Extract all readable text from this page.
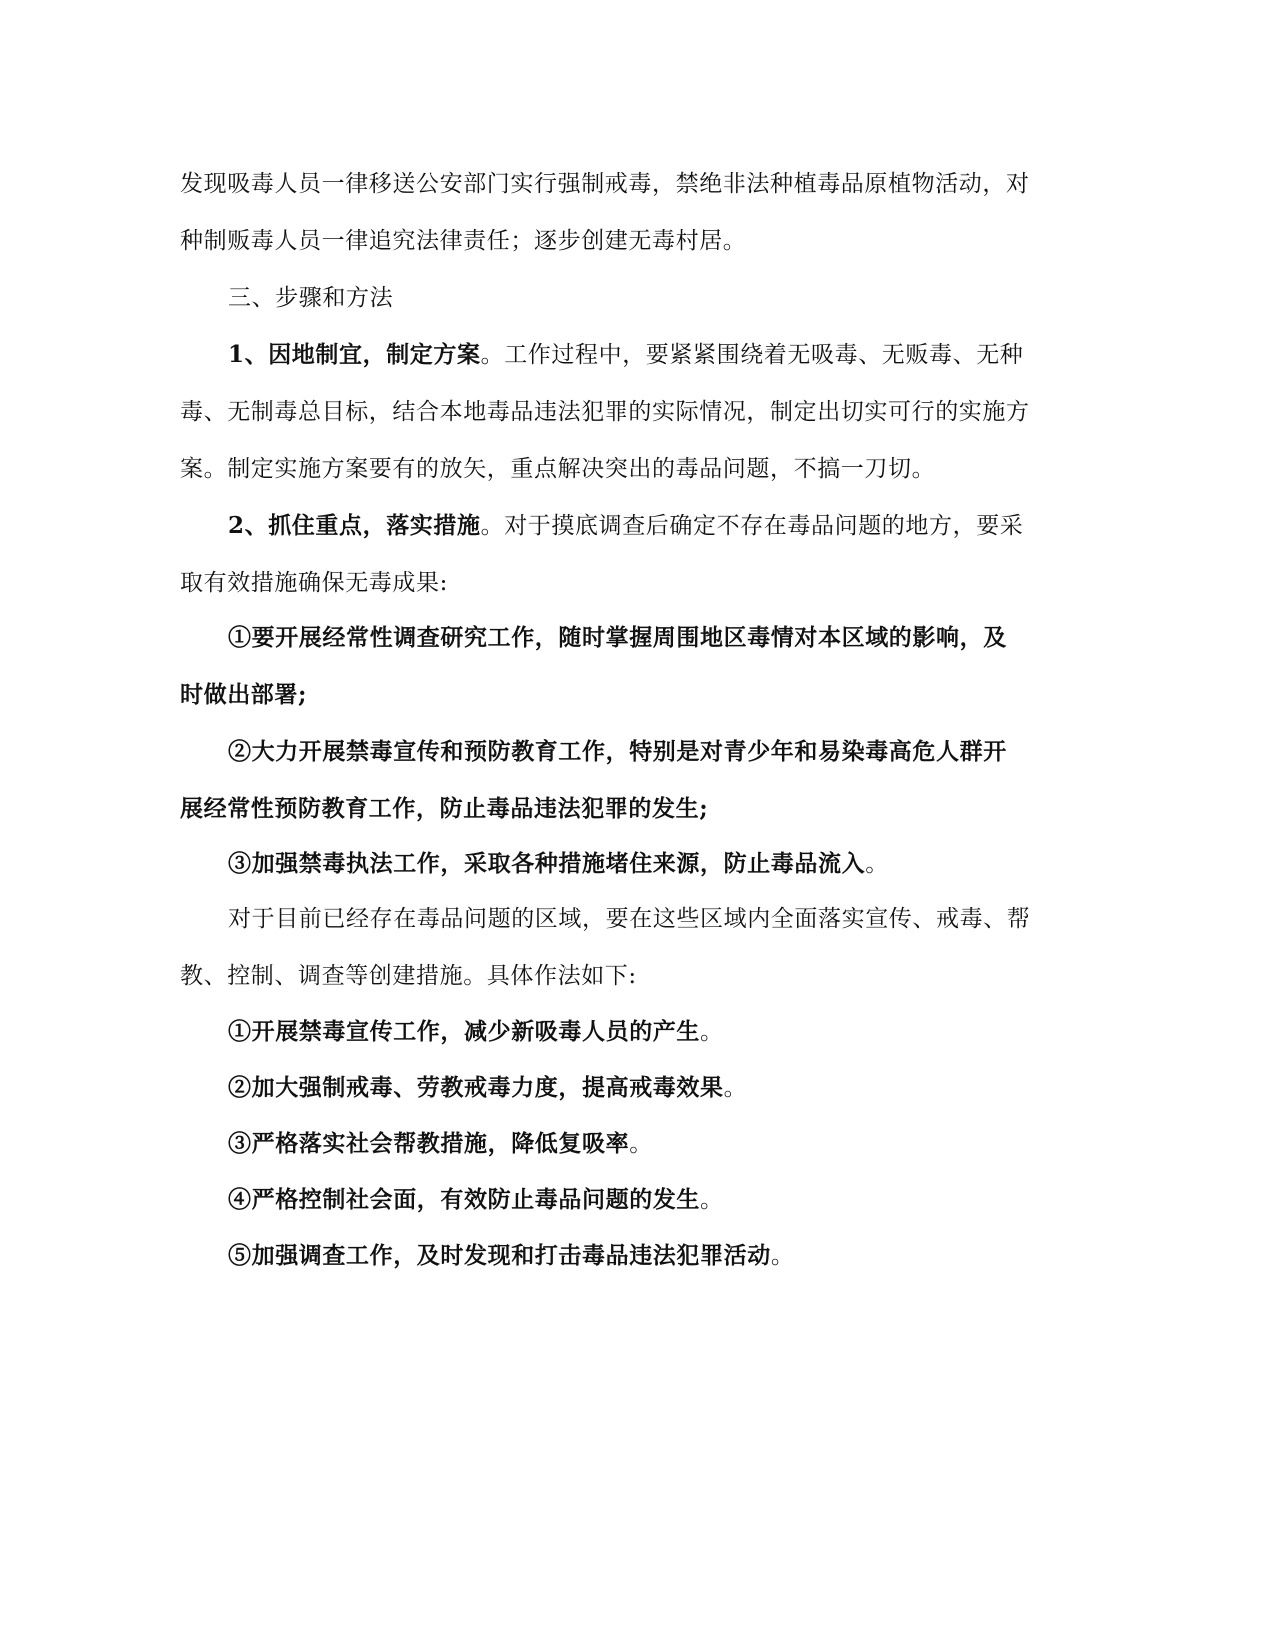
发现吸毒人员一律移送公安部门实行强制戒毒，禁绝非法种植毒品原植物活动，对
种制贩毒人员一律追究法律责任；逐步创建无毒村居。
三、步骤和方法
1、因地制宜，制定方案。工作过程中，要紧紧围绕着无吸毒、无贩毒、无种
毒、无制毒总目标，结合本地毒品违法犯罪的实际情况，制定出切实可行的实施方
案。制定实施方案要有的放矢，重点解决突出的毒品问题，不搞一刀切。
2、抓住重点，落实措施。对于摸底调查后确定不存在毒品问题的地方，要采
取有效措施确保无毒成果:
①要开展经常性调查研究工作，随时掌握周围地区毒情对本区域的影响，及
时做出部署;
②大力开展禁毒宣传和预防教育工作，特别是对青少年和易染毒高危人群开
展经常性预防教育工作，防止毒品违法犯罪的发生;
③加强禁毒执法工作，采取各种措施堵住来源，防止毒品流入。
对于目前已经存在毒品问题的区域，要在这些区域内全面落实宣传、戒毒、帮
教、控制、调查等创建措施。具体作法如下:
①开展禁毒宣传工作，减少新吸毒人员的产生。
②加大强制戒毒、劳教戒毒力度，提高戒毒效果。
③严格落实社会帮教措施，降低复吸率。
④严格控制社会面，有效防止毒品问题的发生。
⑤加强调查工作，及时发现和打击毒品违法犯罪活动。
